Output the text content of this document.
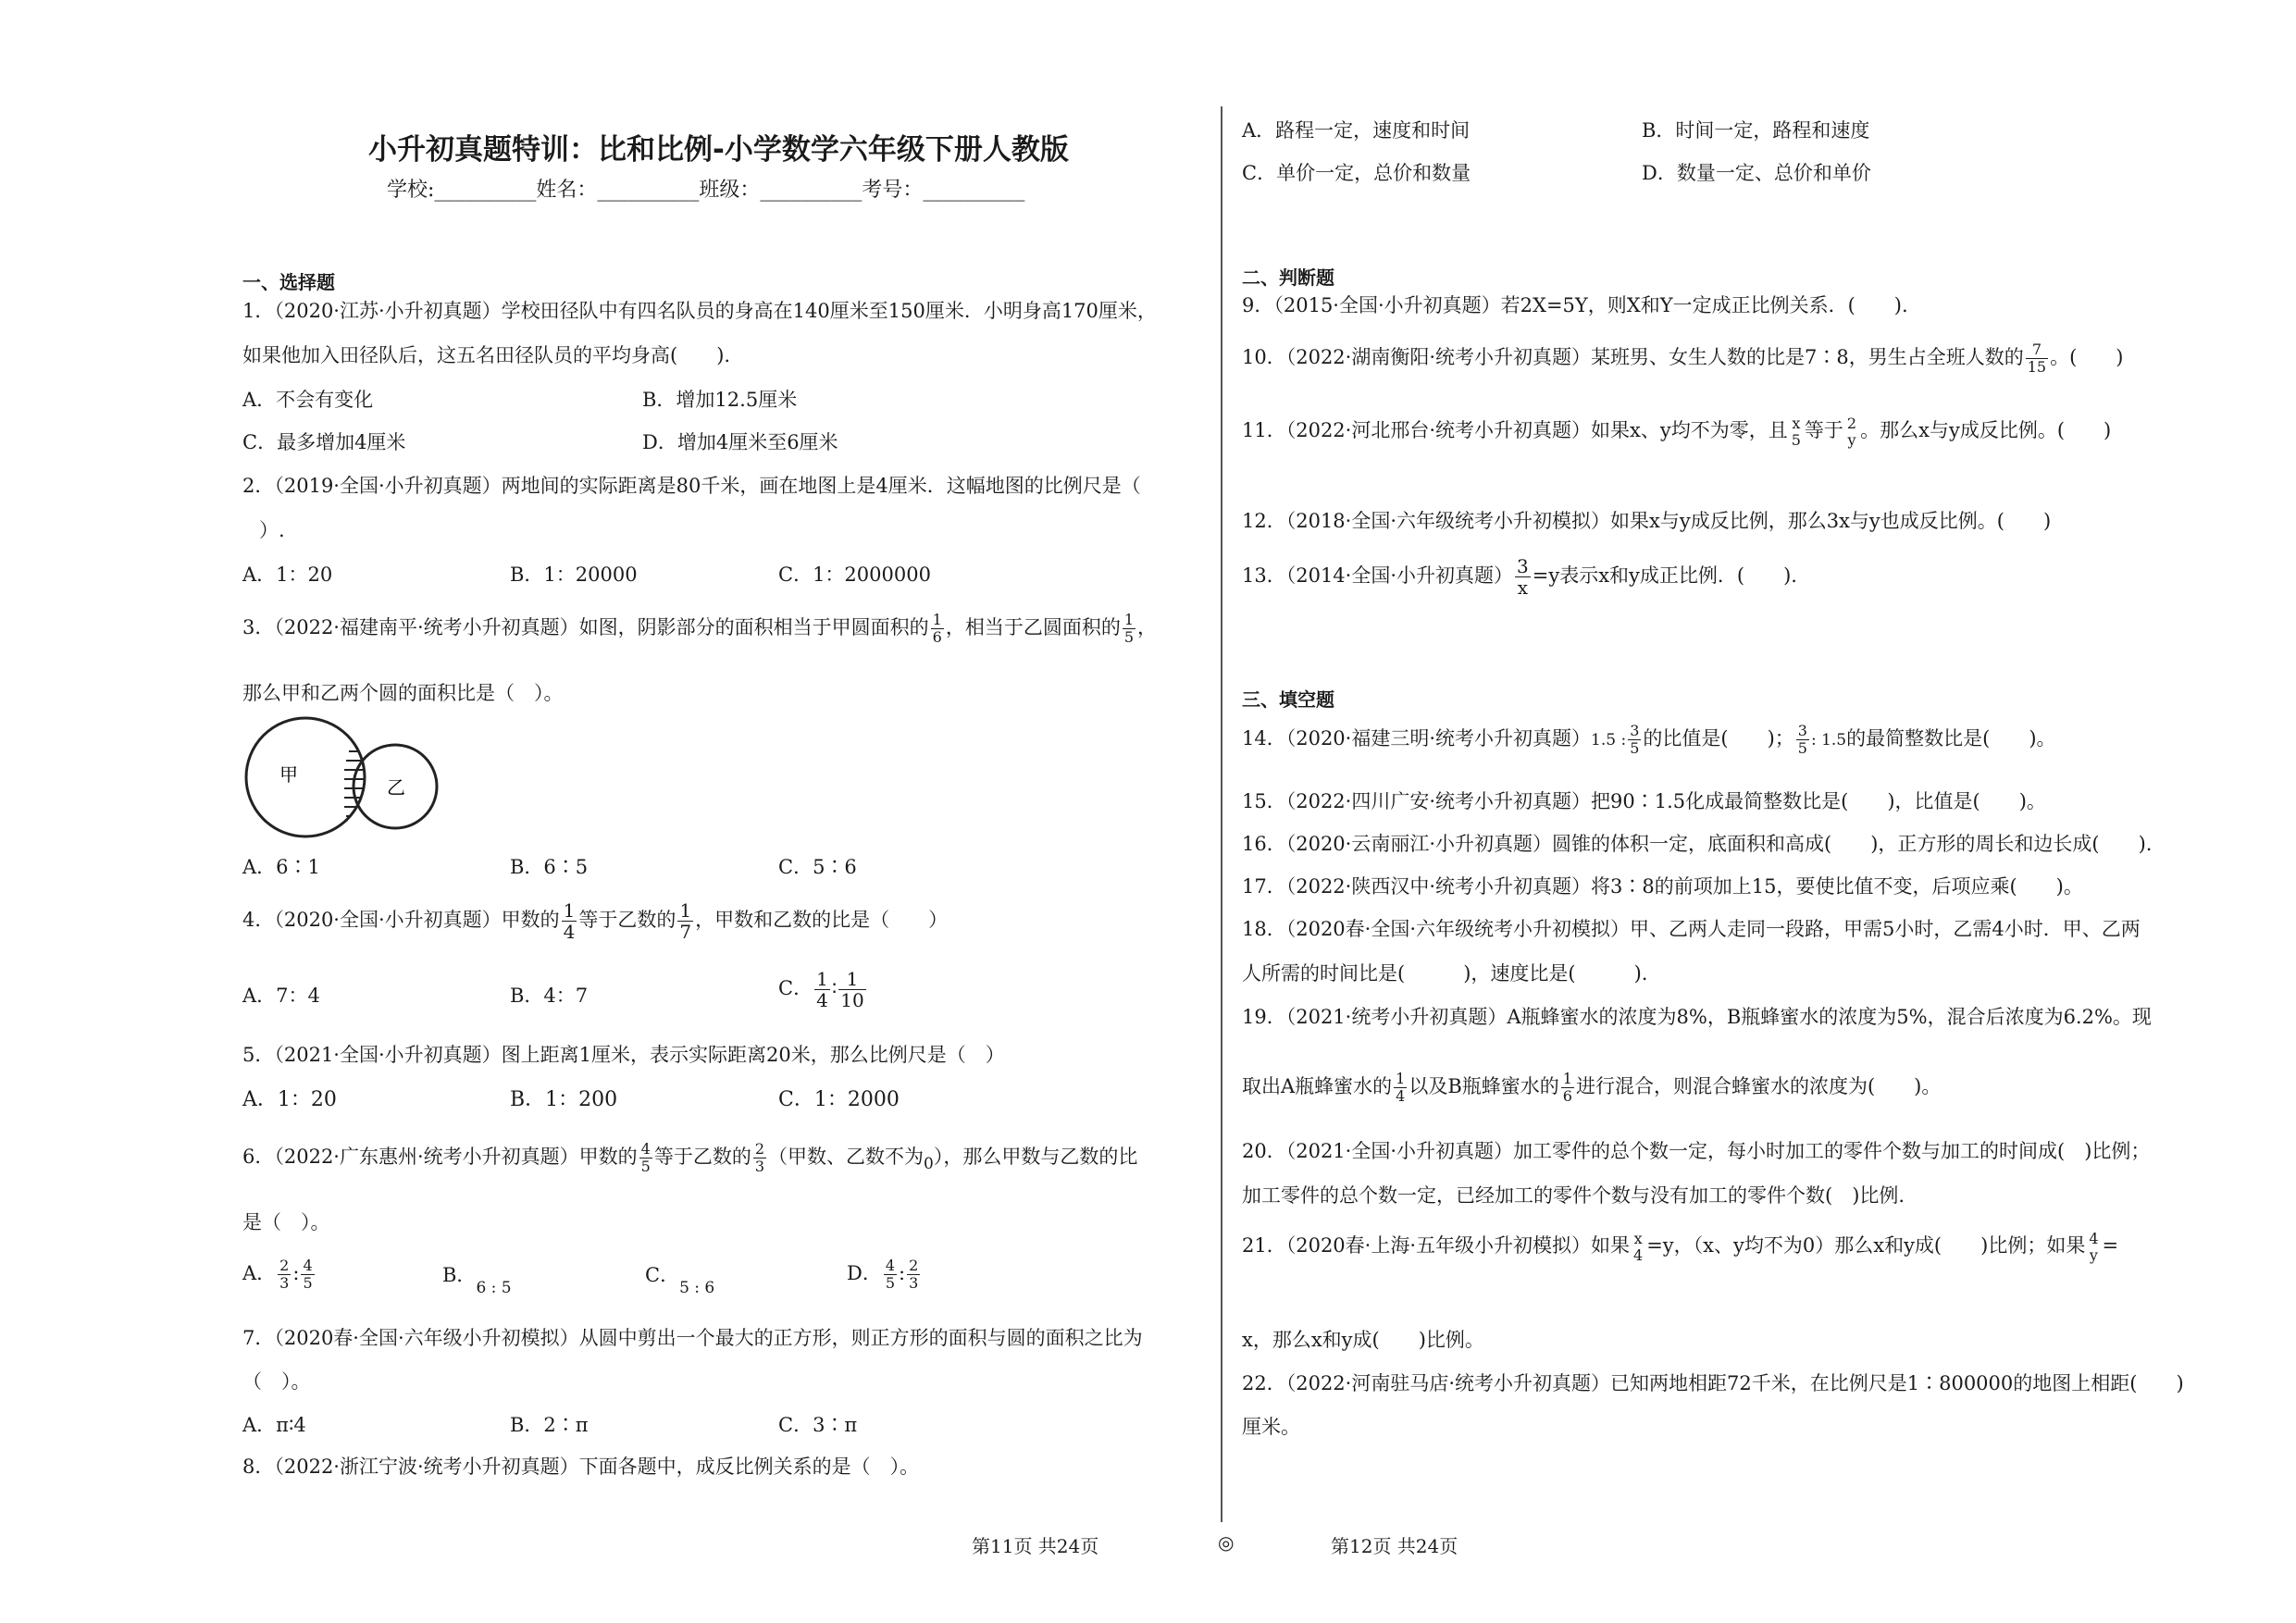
小升初真题特训：比和比例-小学数学六年级下册人教版
学校:__________姓名：__________班级：__________考号：__________
一、选择题
1．（2020·江苏·小升初真题）学校田径队中有四名队员的身高在140厘米至150厘米．小明身高170厘米，
如果他加入田径队后，这五名田径队员的平均身高(　　).
A．不会有变化	B．增加12.5厘米
C．最多增加4厘米	D．增加4厘米至6厘米
2．（2019·全国·小升初真题）两地间的实际距离是80千米，画在地图上是4厘米．这幅地图的比例尺是（
）.
A．1：20	B．1：20000	C．1：2000000
3．（2022·福建南平·统考小升初真题）如图，阴影部分的面积相当于甲圆面积的 $\frac{1}{6}$ ，相当于乙圆面积的 $\frac{1}{5}$ ，
那么甲和乙两个圆的面积比是（　）。
甲
乙
A．6∶1	B．6∶5	C．5∶6
4．（2020·全国·小升初真题）甲数的 $\frac{1}{4}$ 等于乙数的 $\frac{1}{7}$ ，甲数和乙数的比是（　　）
A．7：4	B．4：7	C． $\frac{1}{4}$ ∶ $\frac{1}{10}$
5．（2021·全国·小升初真题）图上距离1厘米，表示实际距离20米，那么比例尺是（　）
A．1：20	B．1：200	C．1：2000
6．（2022·广东惠州·统考小升初真题）甲数的 $\frac{4}{5}$ 等于乙数的 $\frac{2}{3}$ （甲数、乙数不为$_0$），那么甲数与乙数的比
是（　）。
A． $\frac{2}{3}$ : $\frac{4}{5}$	B．$_{6 : 5}$
C．$_{5 : 6}$
D． $\frac{4}{5}$ : $\frac{2}{3}$
7．（2020春·全国·六年级小升初模拟）从圆中剪出一个最大的正方形，则正方形的面积与圆的面积之比为
（　）。
A．π∶4	B．2∶π	C．3∶π
8．（2022·浙江宁波·统考小升初真题）下面各题中，成反比例关系的是（　）。
A．路程一定，速度和时间	B．时间一定，路程和速度
C．单价一定，总价和数量	D．数量一定、总价和单价
二、判断题
9．（2015·全国·小升初真题）若2X=5Y，则X和Y一定成正比例关系．(　　).
10．（2022·湖南衡阳·统考小升初真题）某班男、女生人数的比是7∶8，男生占全班人数的 $\frac{7}{15}$ 。(　　)
11．（2022·河北邢台·统考小升初真题）如果x、y均不为零，且 x
5 等于 2
y 。那么x与y成反比例。(　　)
12．（2018·全国·六年级统考小升初模拟）如果x与y成反比例，那么3x与y也成反比例。(　　)
13．（2014·全国·小升初真题） $\frac{3}{x} =y$表示x和y成正比例．(　　).
三、填空题
14．（2020·福建三明·统考小升初真题）1.5 : $\frac{3}{5}$ 的比值是(　　)； $\frac{3}{5}$ : 1.5的最简整数比是(　　)。
15．（2022·四川广安·统考小升初真题）把90∶1.5化成最简整数比是(　　)，比值是(　　)。
16．（2020·云南丽江·小升初真题）圆锥的体积一定，底面积和高成(　　)，正方形的周长和边长成(　　).
17．（2022·陕西汉中·统考小升初真题）将3∶8的前项加上15，要使比值不变，后项应乘(　　)。
18．（2020春·全国·六年级统考小升初模拟）甲、乙两人走同一段路，甲需5小时，乙需4小时．甲、乙两
人所需的时间比是(　　　)，速度比是(　　　).
19．（2021·统考小升初真题）A瓶蜂蜜水的浓度为8%，B瓶蜂蜜水的浓度为5%，混合后浓度为6.2%。现
取出A瓶蜂蜜水的 $\frac{1}{4}$ 以及B瓶蜂蜜水的 $\frac{1}{6}$ 进行混合，则混合蜂蜜水的浓度为(　　)。
20．（2021·全国·小升初真题）加工零件的总个数一定，每小时加工的零件个数与加工的时间成(　)比例；
加工零件的总个数一定，已经加工的零件个数与没有加工的零件个数(　)比例.
21．（2020春·上海·五年级小升初模拟）如果 x
4 =y，（x、y均不为0）那么x和y成(　　)比例；如果 4
y =
x，那么x和y成(　　)比例。
22．（2022·河南驻马店·统考小升初真题）已知两地相距72千米，在比例尺是1∶800000的地图上相距(　　)
厘米。
第11页 共24页	◎	第12页 共24页
